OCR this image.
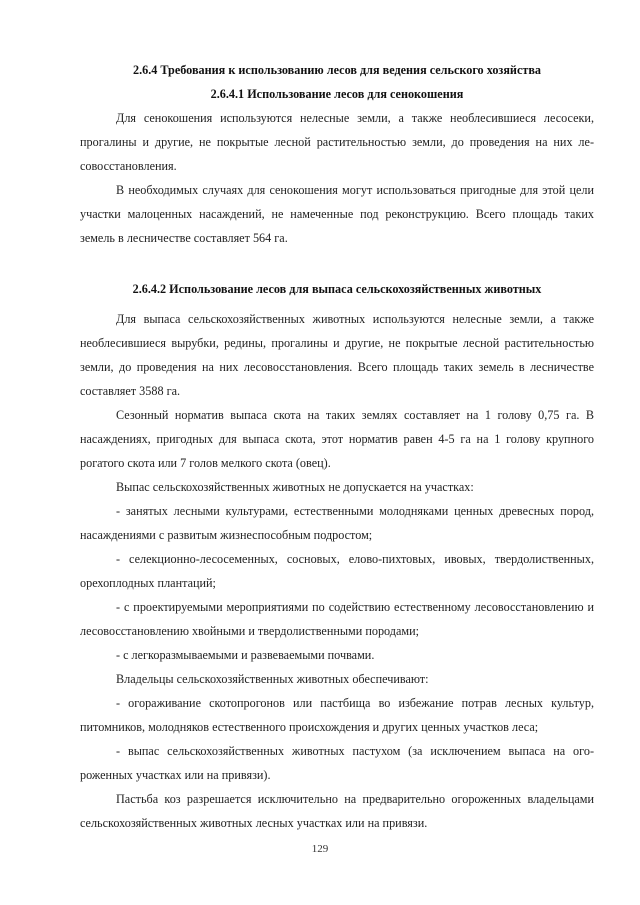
2.6.4 Требования к использованию лесов для ведения сельского хозяйства

2.6.4.1 Использование лесов для сенокошения

Для сенокошения используются нелесные земли, а также необлесившиеся лесосеки, прогалины и другие, не покрытые лесной растительностью земли, до проведения на них лесовосстановления.

В необходимых случаях для сенокошения могут использоваться пригодные для этой цели участки малоценных насаждений, не намеченные под реконструкцию. Всего площадь таких земель в лесничестве составляет 564 га.

2.6.4.2 Использование лесов для выпаса сельскохозяйственных животных

Для выпаса сельскохозяйственных животных используются нелесные земли, а также необлесившиеся вырубки, редины, прогалины и другие, не покрытые лесной растительностью земли, до проведения на них лесовосстановления. Всего площадь таких земель в лесничестве составляет 3588 га.

Сезонный норматив выпаса скота на таких землях составляет на 1 голову 0,75 га. В насаждениях, пригодных для выпаса скота, этот норматив равен 4-5 га на 1 голову крупного рогатого скота или 7 голов мелкого скота (овец).

Выпас сельскохозяйственных животных не допускается на участках:

- занятых лесными культурами, естественными молодняками ценных древесных пород, насаждениями с развитым жизнеспособным подростом;

- селекционно-лесосеменных, сосновых, елово-пихтовых, ивовых, твердолиственных, орехоплодных плантаций;

- с проектируемыми мероприятиями по содействию естественному лесовосстановлению и лесовосстановлению хвойными и твердолиственными породами;

- с легкоразмываемыми и развеваемыми почвами.

Владельцы сельскохозяйственных животных обеспечивают:

- огораживание скотопрогонов или пастбища во избежание потрав лесных культур, питомников, молодняков естественного происхождения и других ценных участков леса;

- выпас сельскохозяйственных животных пастухом (за исключением выпаса на огороженных участках или на привязи).

Пастьба коз разрешается исключительно на предварительно огороженных владельцами сельскохозяйственных животных лесных участках или на привязи.

129
